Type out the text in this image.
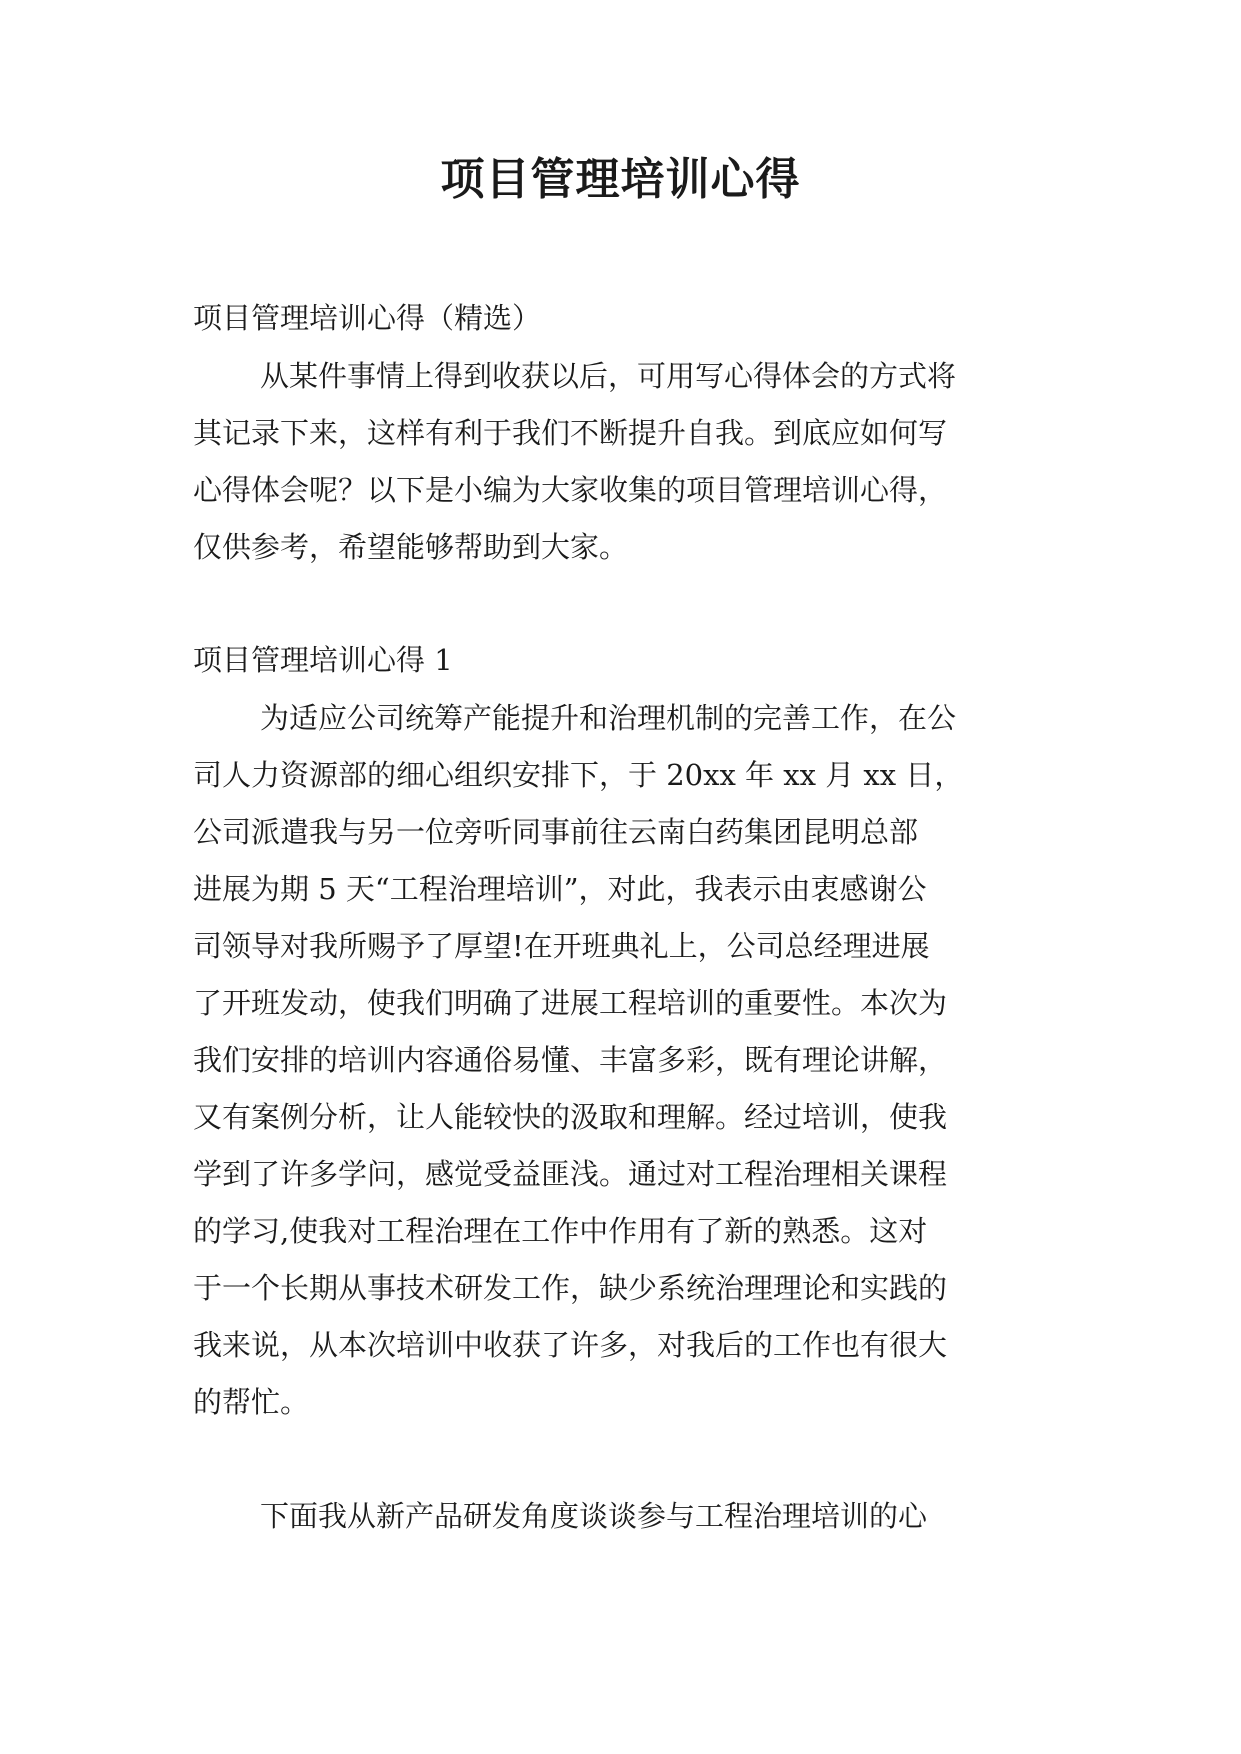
项目管理培训心得
项目管理培训心得（精选）
从某件事情上得到收获以后，可用写心得体会的方式将
其记录下来，这样有利于我们不断提升自我。到底应如何写
心得体会呢？以下是小编为大家收集的项目管理培训心得，
仅供参考，希望能够帮助到大家。
项目管理培训心得 1
为适应公司统筹产能提升和治理机制的完善工作，在公
司人力资源部的细心组织安排下，于 20xx 年 xx 月 xx 日，
公司派遣我与另一位旁听同事前往云南白药集团昆明总部
进展为期 5 天“工程治理培训”，对此，我表示由衷感谢公
司领导对我所赐予了厚望!在开班典礼上，公司总经理进展
了开班发动，使我们明确了进展工程培训的重要性。本次为
我们安排的培训内容通俗易懂、丰富多彩，既有理论讲解，
又有案例分析，让人能较快的汲取和理解。经过培训，使我
学到了许多学问，感觉受益匪浅。通过对工程治理相关课程
的学习,使我对工程治理在工作中作用有了新的熟悉。这对
于一个长期从事技术研发工作，缺少系统治理理论和实践的
我来说，从本次培训中收获了许多，对我后的工作也有很大
的帮忙。
下面我从新产品研发角度谈谈参与工程治理培训的心
